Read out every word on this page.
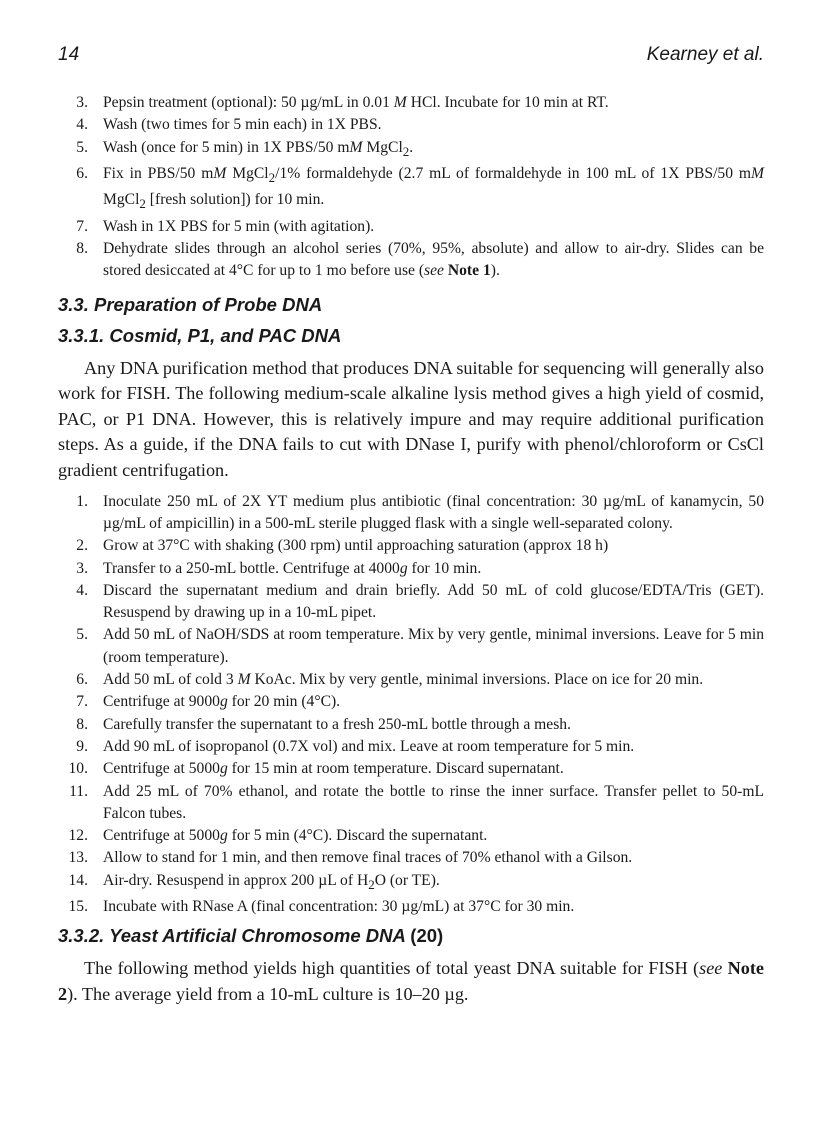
14	Kearney et al.
3. Pepsin treatment (optional): 50 µg/mL in 0.01 M HCl. Incubate for 10 min at RT.
4. Wash (two times for 5 min each) in 1X PBS.
5. Wash (once for 5 min) in 1X PBS/50 mM MgCl$_2$.
6. Fix in PBS/50 mM MgCl$_2$/1% formaldehyde (2.7 mL of formaldehyde in 100 mL of 1X PBS/50 mM MgCl$_2$ [fresh solution]) for 10 min.
7. Wash in 1X PBS for 5 min (with agitation).
8. Dehydrate slides through an alcohol series (70%, 95%, absolute) and allow to air-dry. Slides can be stored desiccated at 4°C for up to 1 mo before use (see Note 1).
3.3. Preparation of Probe DNA
3.3.1. Cosmid, P1, and PAC DNA

Any DNA purification method that produces DNA suitable for sequencing will generally also work for FISH. The following medium-scale alkaline lysis method gives a high yield of cosmid, PAC, or P1 DNA. However, this is relatively impure and may require additional purification steps. As a guide, if the DNA fails to cut with DNase I, purify with phenol/chloroform or CsCl gradient centrifugation.

1. Inoculate 250 mL of 2X YT medium plus antibiotic (final concentration: 30 µg/mL of kanamycin, 50 µg/mL of ampicillin) in a 500-mL sterile plugged flask with a single well-separated colony.
2. Grow at 37°C with shaking (300 rpm) until approaching saturation (approx 18 h)
3. Transfer to a 250-mL bottle. Centrifuge at 4000g for 10 min.
4. Discard the supernatant medium and drain briefly. Add 50 mL of cold glucose/EDTA/Tris (GET). Resuspend by drawing up in a 10-mL pipet.
5. Add 50 mL of NaOH/SDS at room temperature. Mix by very gentle, minimal inversions. Leave for 5 min (room temperature).
6. Add 50 mL of cold 3 M KoAc. Mix by very gentle, minimal inversions. Place on ice for 20 min.
7. Centrifuge at 9000g for 20 min (4°C).
8. Carefully transfer the supernatant to a fresh 250-mL bottle through a mesh.
9. Add 90 mL of isopropanol (0.7X vol) and mix. Leave at room temperature for 5 min.
10. Centrifuge at 5000g for 15 min at room temperature. Discard supernatant.
11. Add 25 mL of 70% ethanol, and rotate the bottle to rinse the inner surface. Transfer pellet to 50-mL Falcon tubes.
12. Centrifuge at 5000g for 5 min (4°C). Discard the supernatant.
13. Allow to stand for 1 min, and then remove final traces of 70% ethanol with a Gilson.
14. Air-dry. Resuspend in approx 200 µL of $H_2O$ (or TE).
15. Incubate with RNase A (final concentration: 30 µg/mL) at 37°C for 30 min.
3.3.2. Yeast Artificial Chromosome DNA (20)

The following method yields high quantities of total yeast DNA suitable for FISH (see Note 2). The average yield from a 10-mL culture is 10–20 µg.
